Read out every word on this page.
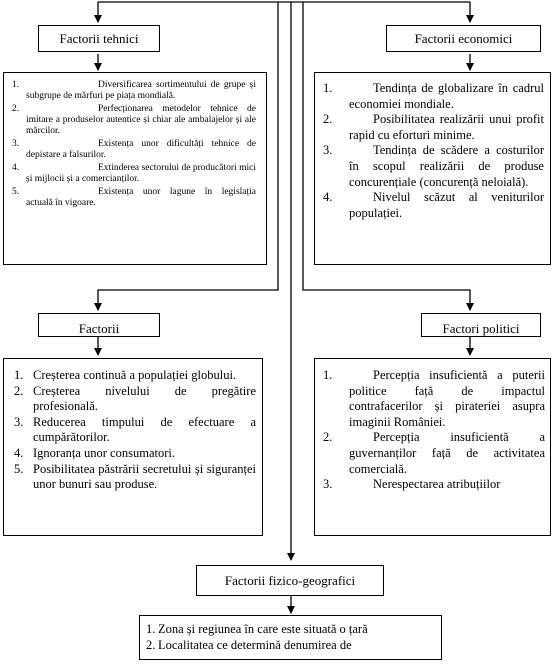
Factorii tehnici
1.	Diversificarea sortimentului de grupe și subgrupe de mărfuri pe piața mondială.
2.	Perfecționarea metodelor tehnice de imitare a produselor autentice și chiar ale ambalajelor și ale mărcilor.
3.	Existența unor dificultăți tehnice de depistare a falsurilor.
4.	Extinderea sectorului de producători mici și mijlocii și a comercianților.
5.	Existența unor lagune în legislația actuală în vigoare.
Factorii economici
1.	Tendința de globalizare în cadrul economiei mondiale.
2.	Posibilitatea realizării unui profit rapid cu eforturi minime.
3.	Tendința de scădere a costurilor în scopul realizării de produse concurențiale (concurență neloială).
4.	Nivelul scăzut al veniturilor populației.
Factorii
1. Creșterea continuă a populației globului.
2. Creșterea nivelului de pregătire profesională.
3. Reducerea timpului de efectuare a cumpărătorilor.
4. Ignoranța unor consumatori.
5. Posibilitatea păstrării secretului și siguranței unor bunuri sau produse.
Factori politici
1.	Percepția insuficientă a puterii politice față de impactul contrafacerilor și pirateriei asupra imaginii României.
2.	Percepția insuficientă a guvernanților față de activitatea comercială.
3.	Nerespectarea atribuțiilor
Factorii fizico-geografici
1. Zona și regiunea în care este situată o țară
2. Localitatea ce determină denumirea de
